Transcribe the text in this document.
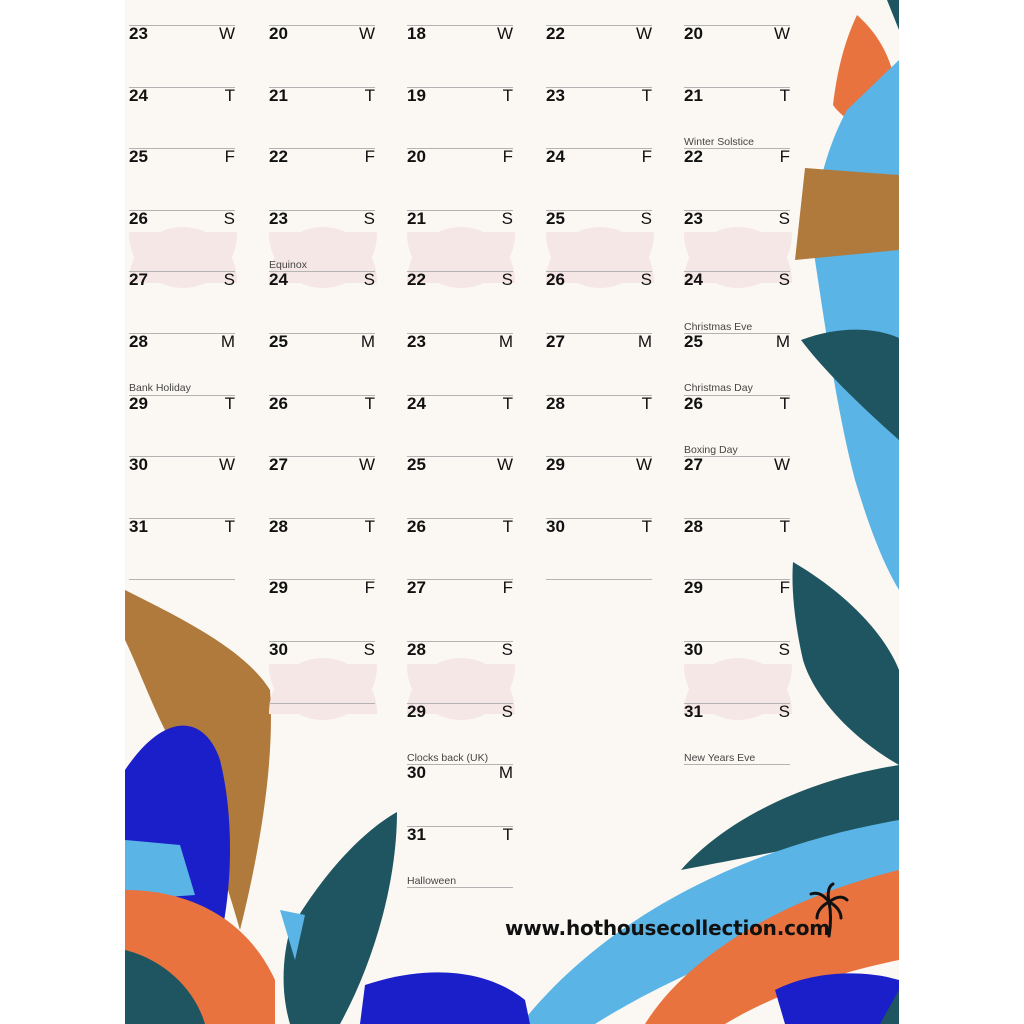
23	W
24	T
25	F
26	S
27	S
28	M
29	T
Bank Holiday
30	W
31	T
20	W
21	T
22	F
23	S
24	S
Equinox
25	M
26	T
27	W
28	T
29	F
30	S
18	W
19	T
20	F
21	S
22	S
23	M
24	T
25	W
26	T
27	F
28	S
29	S
30	M
Clocks back (UK)
31	T
Halloween
22	W
23	T
24	F
25	S
26	S
27	M
28	T
29	W
30	T
20	W
21	T
22	F
Winter Solstice
23	S
24	S
25	M
Christmas Eve
26	T
Christmas Day
27	W
Boxing Day
28	T
29	F
30	S
31	S
New Years Eve
www.hothousecollection.com
